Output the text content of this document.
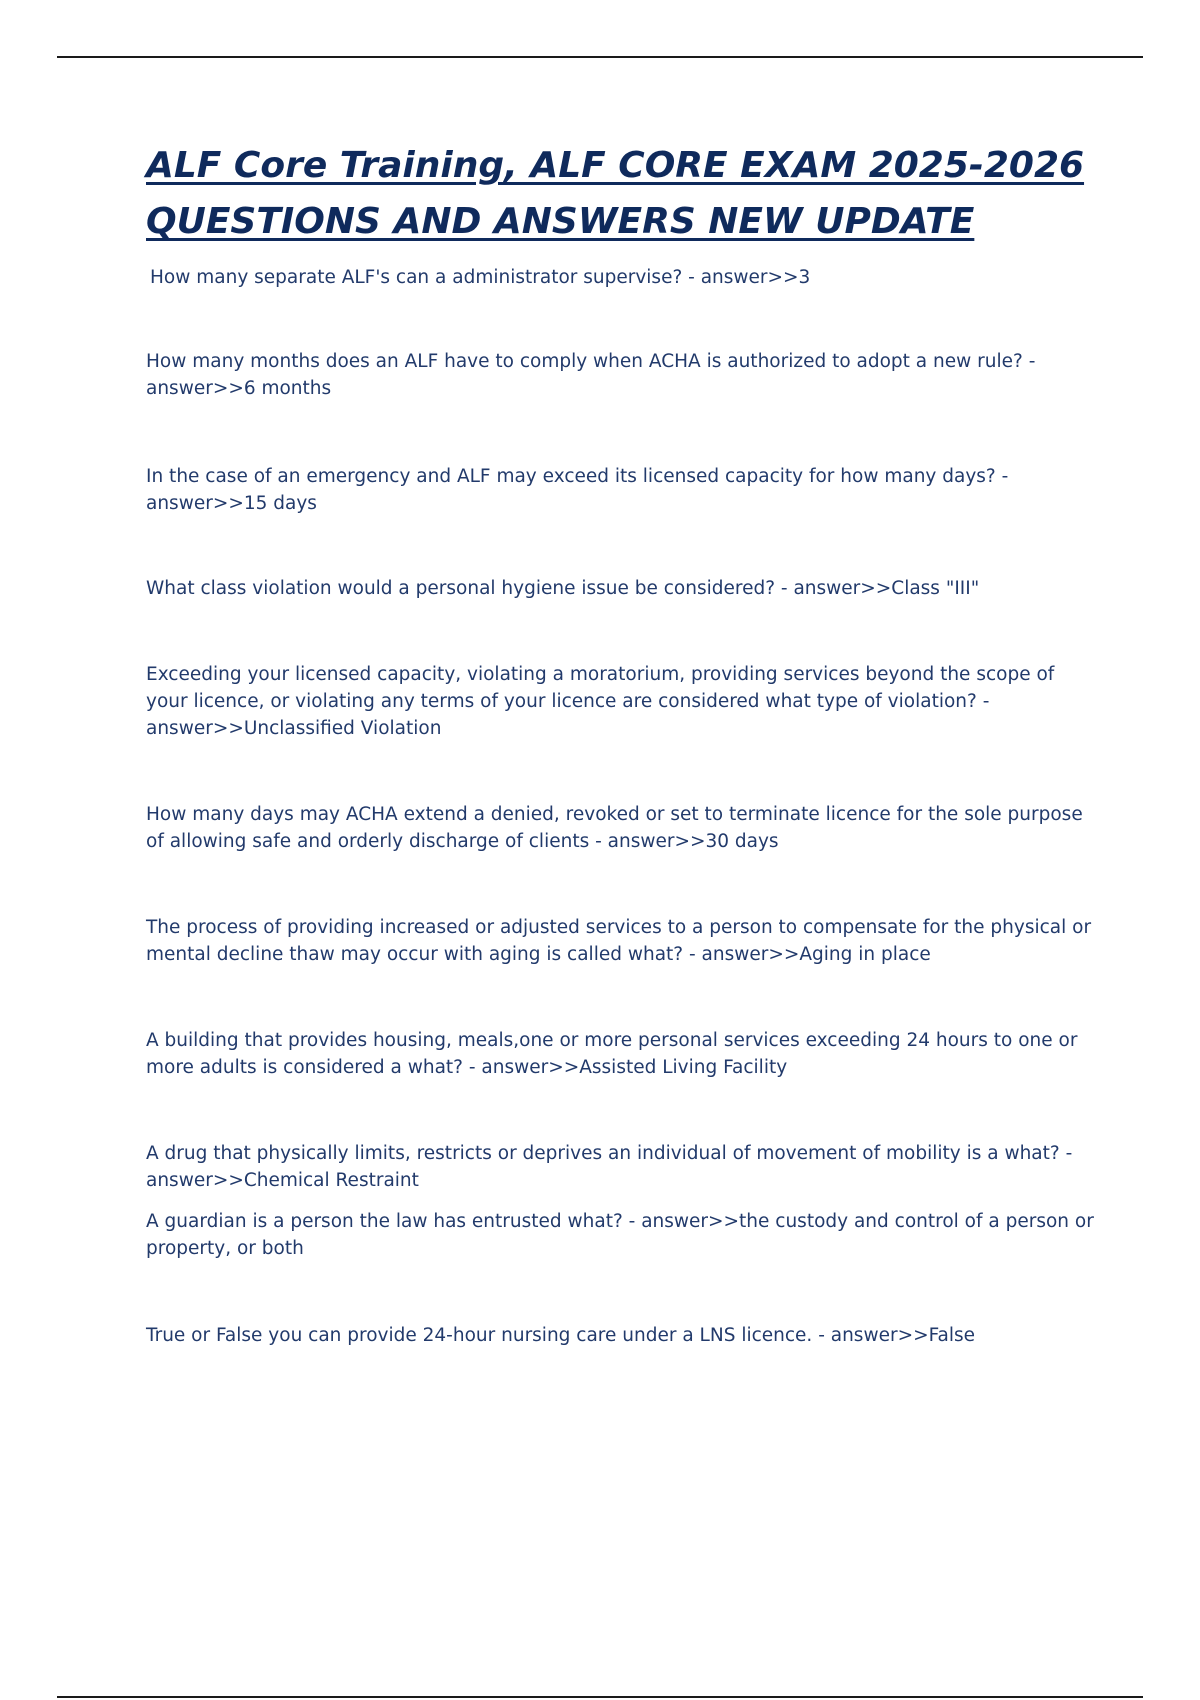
ALF Core Training, ALF CORE EXAM 2025-2026 QUESTIONS AND ANSWERS NEW UPDATE

How many separate ALF's can a administrator supervise? - answer>>3

How many months does an ALF have to comply when ACHA is authorized to adopt a new rule? - answer>>6 months

In the case of an emergency and ALF may exceed its licensed capacity for how many days? - answer>>15 days

What class violation would a personal hygiene issue be considered? - answer>>Class "III"

Exceeding your licensed capacity, violating a moratorium, providing services beyond the scope of your licence, or violating any terms of your licence are considered what type of violation? - answer>>Unclassified Violation

How many days may ACHA extend a denied, revoked or set to terminate licence for the sole purpose of allowing safe and orderly discharge of clients - answer>>30 days

The process of providing increased or adjusted services to a person to compensate for the physical or mental decline thaw may occur with aging is called what? - answer>>Aging in place

A building that provides housing, meals,one or more personal services exceeding 24 hours to one or more adults is considered a what? - answer>>Assisted Living Facility

A drug that physically limits, restricts or deprives an individual of movement of mobility is a what? - answer>>Chemical Restraint

A guardian is a person the law has entrusted what? - answer>>the custody and control of a person or property, or both

True or False you can provide 24-hour nursing care under a LNS licence. - answer>>False
